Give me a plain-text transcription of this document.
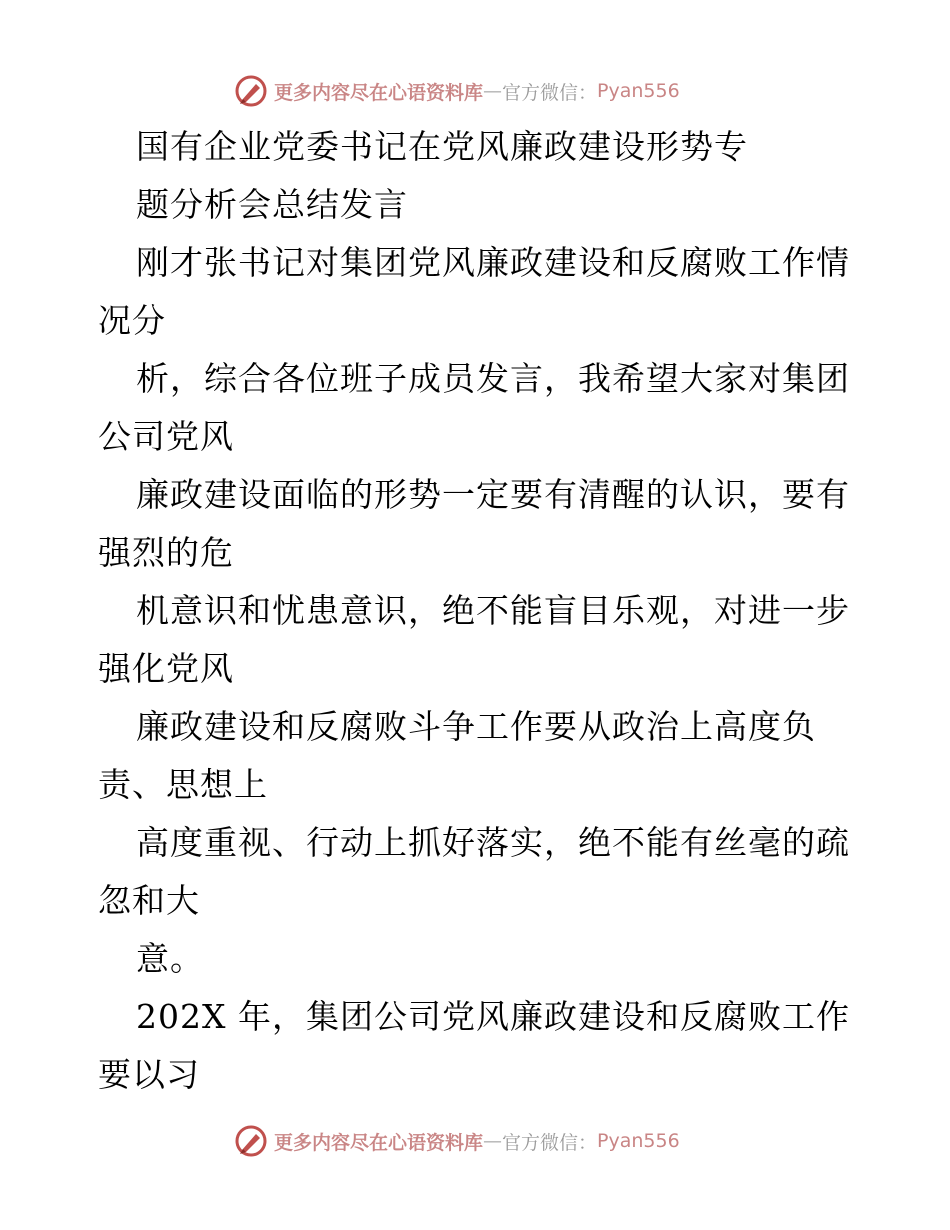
更多内容尽在心语资料库 — 官方微信： Pyan556
国有企业党委书记在党风廉政建设形势专
题分析会总结发言
刚才张书记对集团党风廉政建设和反腐败工作情
况分
析，综合各位班子成员发言，我希望大家对集团
公司党风
廉政建设面临的形势一定要有清醒的认识，要有
强烈的危
机意识和忧患意识，绝不能盲目乐观，对进一步
强化党风
廉政建设和反腐败斗争工作要从政治上高度负
责、思想上
高度重视、行动上抓好落实，绝不能有丝毫的疏
忽和大
意。
202X 年，集团公司党风廉政建设和反腐败工作
要以习
更多内容尽在心语资料库 — 官方微信： Pyan556
